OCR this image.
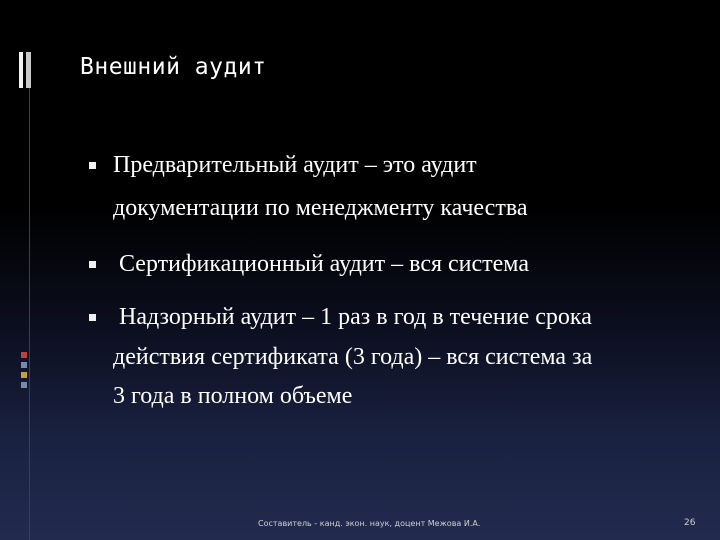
Внешний аудит
Предварительный аудит – это аудит
документации по менеджменту качества
Сертификационный аудит – вся система
Надзорный аудит – 1 раз в год в течение срока
действия сертификата (3 года) – вся система за
3 года в полном объеме
Составитель - канд. экон. наук, доцент Межова И.А.	26
